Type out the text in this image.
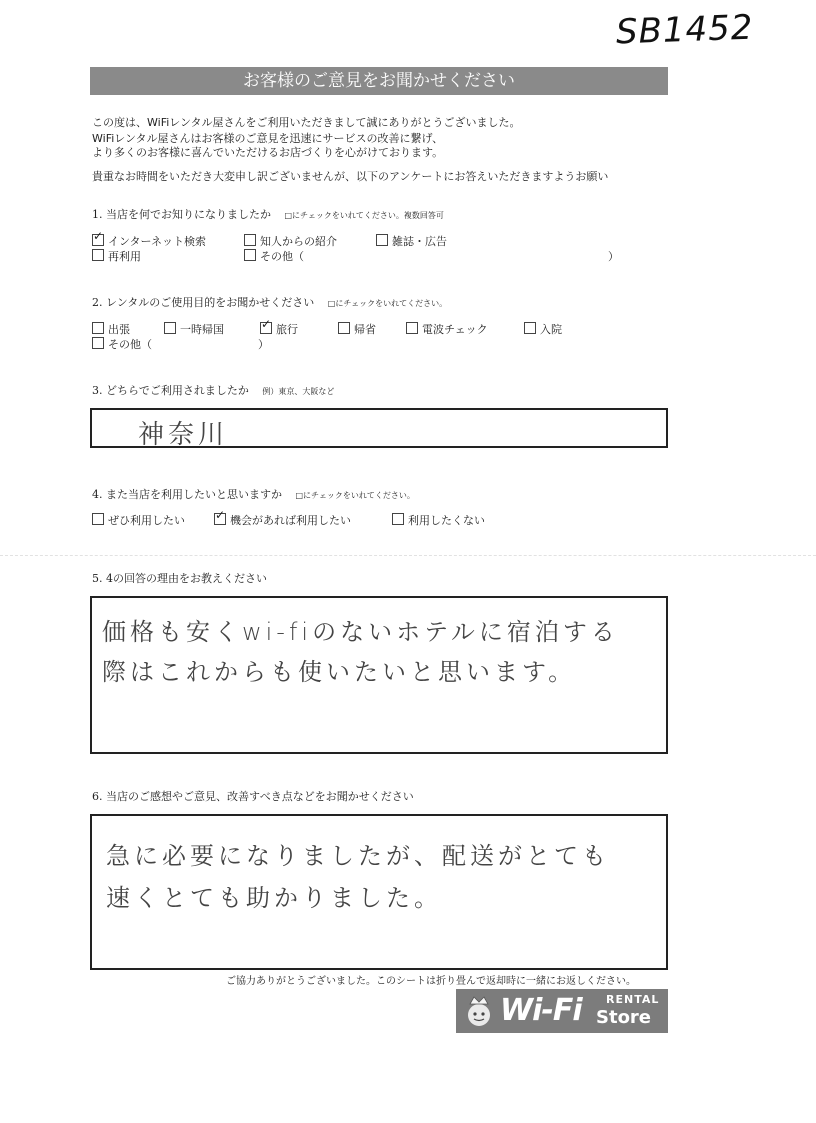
SB1452
お客様のご意見をお聞かせください
この度は、WiFiレンタル屋さんをご利用いただきまして誠にありがとうございました。
WiFiレンタル屋さんはお客様のご意見を迅速にサービスの改善に繋げ、
より多くのお客様に喜んでいただけるお店づくりを心がけております。
貴重なお時間をいただき大変申し訳ございませんが、以下のアンケートにお答えいただきますようお願い
1. 当店を何でお知りになりましたか □にチェックをいれてください。複数回答可
✓インターネット検索	知人からの紹介	雑誌・広告
再利用	その他（	）
2. レンタルのご使用目的をお聞かせください □にチェックをいれてください。
出張	一時帰国 ✓	旅行	帰省	電波チェック	入院
その他（	）
3. どちらでご利用されましたか 例）東京、大阪など
神奈川
4. また当店を利用したいと思いますか □にチェックをいれてください。
ぜひ利用したい ✓	機会があれば利用したい	利用したくない
5. 4の回答の理由をお教えください
価格も安くwi-fiのないホテルに宿泊する
際はこれからも使いたいと思います。
6. 当店のご感想やご意見、改善すべき点などをお聞かせください
急に必要になりましたが、配送がとても
速くとても助かりました。
ご協力ありがとうございました。このシートは折り畳んで返却時に一緒にお返しください。
Wi-Fi RENTAL
Store
